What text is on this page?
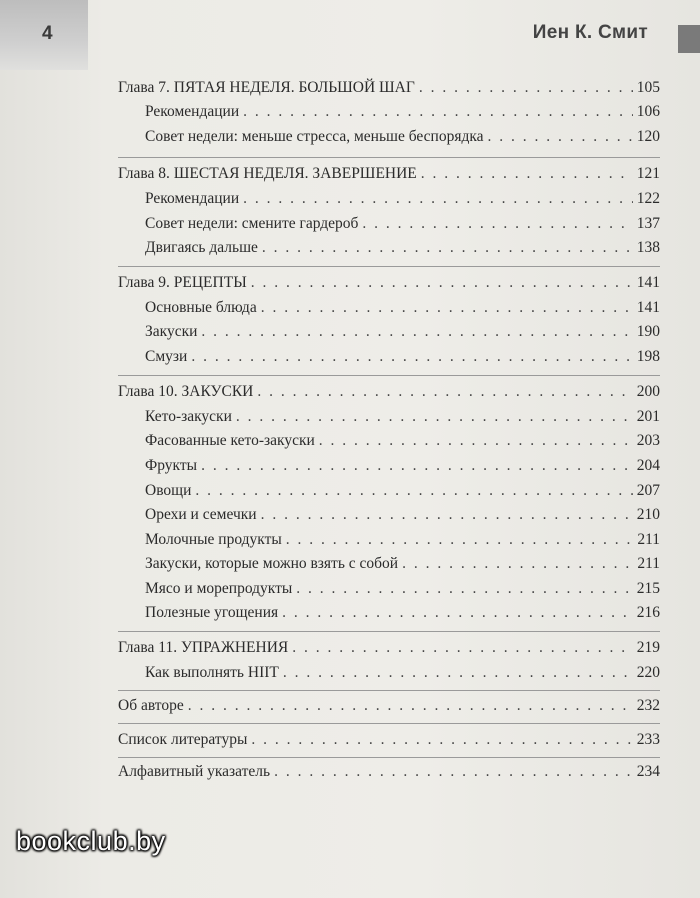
4	Иен К. Смит
Глава 7. ПЯТАЯ НЕДЕЛЯ. БОЛЬШОЙ ШАГ . . .	105
Рекомендации . . .	106
Совет недели: меньше стресса, меньше беспорядка . . .	120
Глава 8. ШЕСТАЯ НЕДЕЛЯ. ЗАВЕРШЕНИЕ . . .	121
Рекомендации . . .	122
Совет недели: смените гардероб . . .	137
Двигаясь дальше . . .	138
Глава 9. РЕЦЕПТЫ . . .	141
Основные блюда . . .	141
Закуски . . .	190
Смузи . . .	198
Глава 10. ЗАКУСКИ . . .	200
Кето-закуски . . .	201
Фасованные кето-закуски . . .	203
Фрукты . . .	204
Овощи . . .	207
Орехи и семечки . . .	210
Молочные продукты . . .	211
Закуски, которые можно взять с собой . . .	211
Мясо и морепродукты . . .	215
Полезные угощения . . .	216
Глава 11. УПРАЖНЕНИЯ . . .	219
Как выполнять HIIT . . .	220
Об авторе . . .	232
Список литературы . . .	233
Алфавитный указатель . . .	234
bookclub.by
